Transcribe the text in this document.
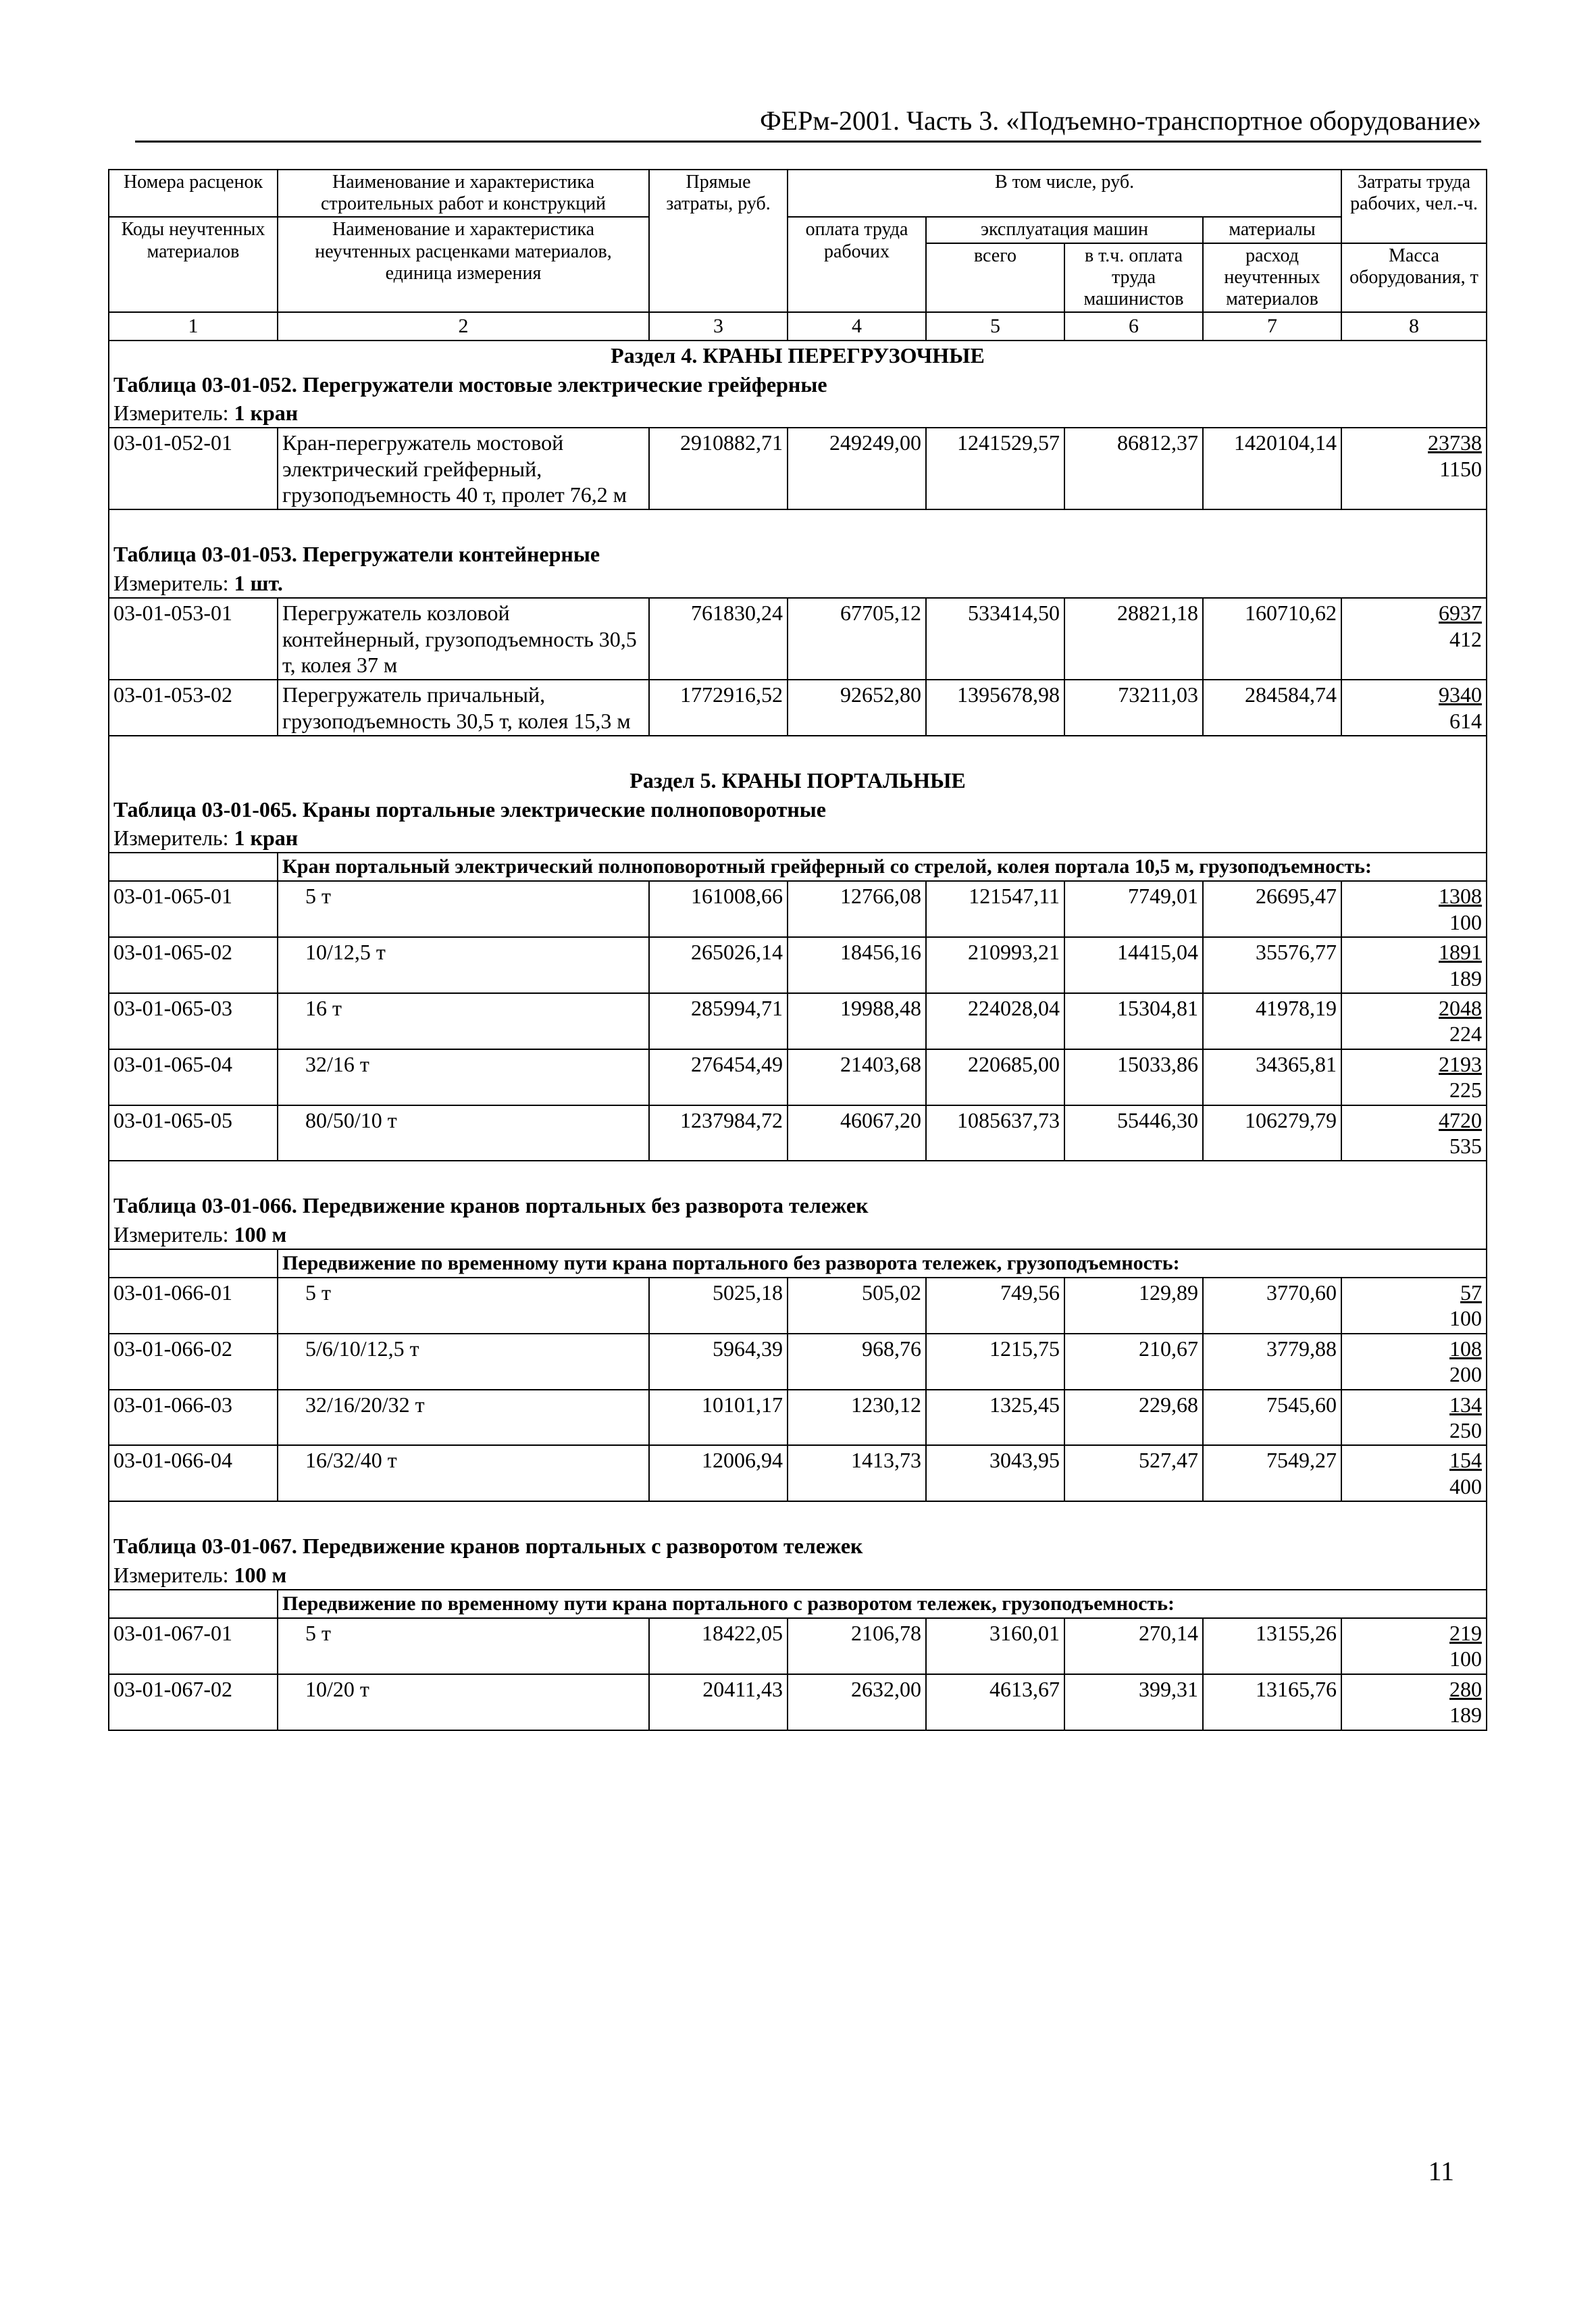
ФЕРм-2001. Часть 3. «Подъемно-транспортное оборудование»
Номера расценок	Наименование и характеристика строительных работ и конструкций	Прямые затраты, руб.	В том числе, руб.				Затраты труда рабочих, чел.-ч.
Коды неучтенных материалов	Наименование и характеристика неучтенных расценками материалов, единица измерения		оплата труда рабочих	эксплуатация машин		материалы	
				всего	в т.ч. оплата труда машинистов	расход неучтенных материалов	Масса оборудования, т
1	2	3	4	5	6	7	8
Раздел 4. КРАНЫ ПЕРЕГРУЗОЧНЫЕ							
Таблица 03-01-052. Перегружатели мостовые электрические грейферные							
Измеритель: 1 кран							
03-01-052-01	Кран-перегружатель мостовой электрический грейферный, грузоподъемность 40 т, пролет 76,2 м	2910882,71	249249,00	1241529,57	86812,37	1420104,14	23738
1150

Таблица 03-01-053. Перегружатели контейнерные							
Измеритель: 1 шт.							
03-01-053-01	Перегружатель козловой контейнерный, грузоподъемность 30,5 т, колея 37 м	761830,24	67705,12	533414,50	28821,18	160710,62	6937
412
03-01-053-02	Перегружатель причальный, грузоподъемность 30,5 т, колея 15,3 м	1772916,52	92652,80	1395678,98	73211,03	284584,74	9340
614

Раздел 5. КРАНЫ ПОРТАЛЬНЫЕ							
Таблица 03-01-065. Краны портальные электрические полноповоротные							
Измеритель: 1 кран							
	Кран портальный электрический полноповоротный грейферный со стрелой, колея портала 10,5 м, грузоподъемность:						
03-01-065-01	5 т	161008,66	12766,08	121547,11	7749,01	26695,47	1308
100
03-01-065-02	10/12,5 т	265026,14	18456,16	210993,21	14415,04	35576,77	1891
189
03-01-065-03	16 т	285994,71	19988,48	224028,04	15304,81	41978,19	2048
224
03-01-065-04	32/16 т	276454,49	21403,68	220685,00	15033,86	34365,81	2193
225
03-01-065-05	80/50/10 т	1237984,72	46067,20	1085637,73	55446,30	106279,79	4720
535

Таблица 03-01-066. Передвижение кранов портальных без разворота тележек							
Измеритель: 100 м							
	Передвижение по временному пути крана портального без разворота тележек, грузоподъемность:						
03-01-066-01	5 т	5025,18	505,02	749,56	129,89	3770,60	57
100
03-01-066-02	5/6/10/12,5 т	5964,39	968,76	1215,75	210,67	3779,88	108
200
03-01-066-03	32/16/20/32 т	10101,17	1230,12	1325,45	229,68	7545,60	134
250
03-01-066-04	16/32/40 т	12006,94	1413,73	3043,95	527,47	7549,27	154
400

Таблица 03-01-067. Передвижение кранов портальных с разворотом тележек							
Измеритель: 100 м							
	Передвижение по временному пути крана портального с разворотом тележек, грузоподъемность:						
03-01-067-01	5 т	18422,05	2106,78	3160,01	270,14	13155,26	219
100
03-01-067-02	10/20 т	20411,43	2632,00	4613,67	399,31	13165,76	280
189
11
